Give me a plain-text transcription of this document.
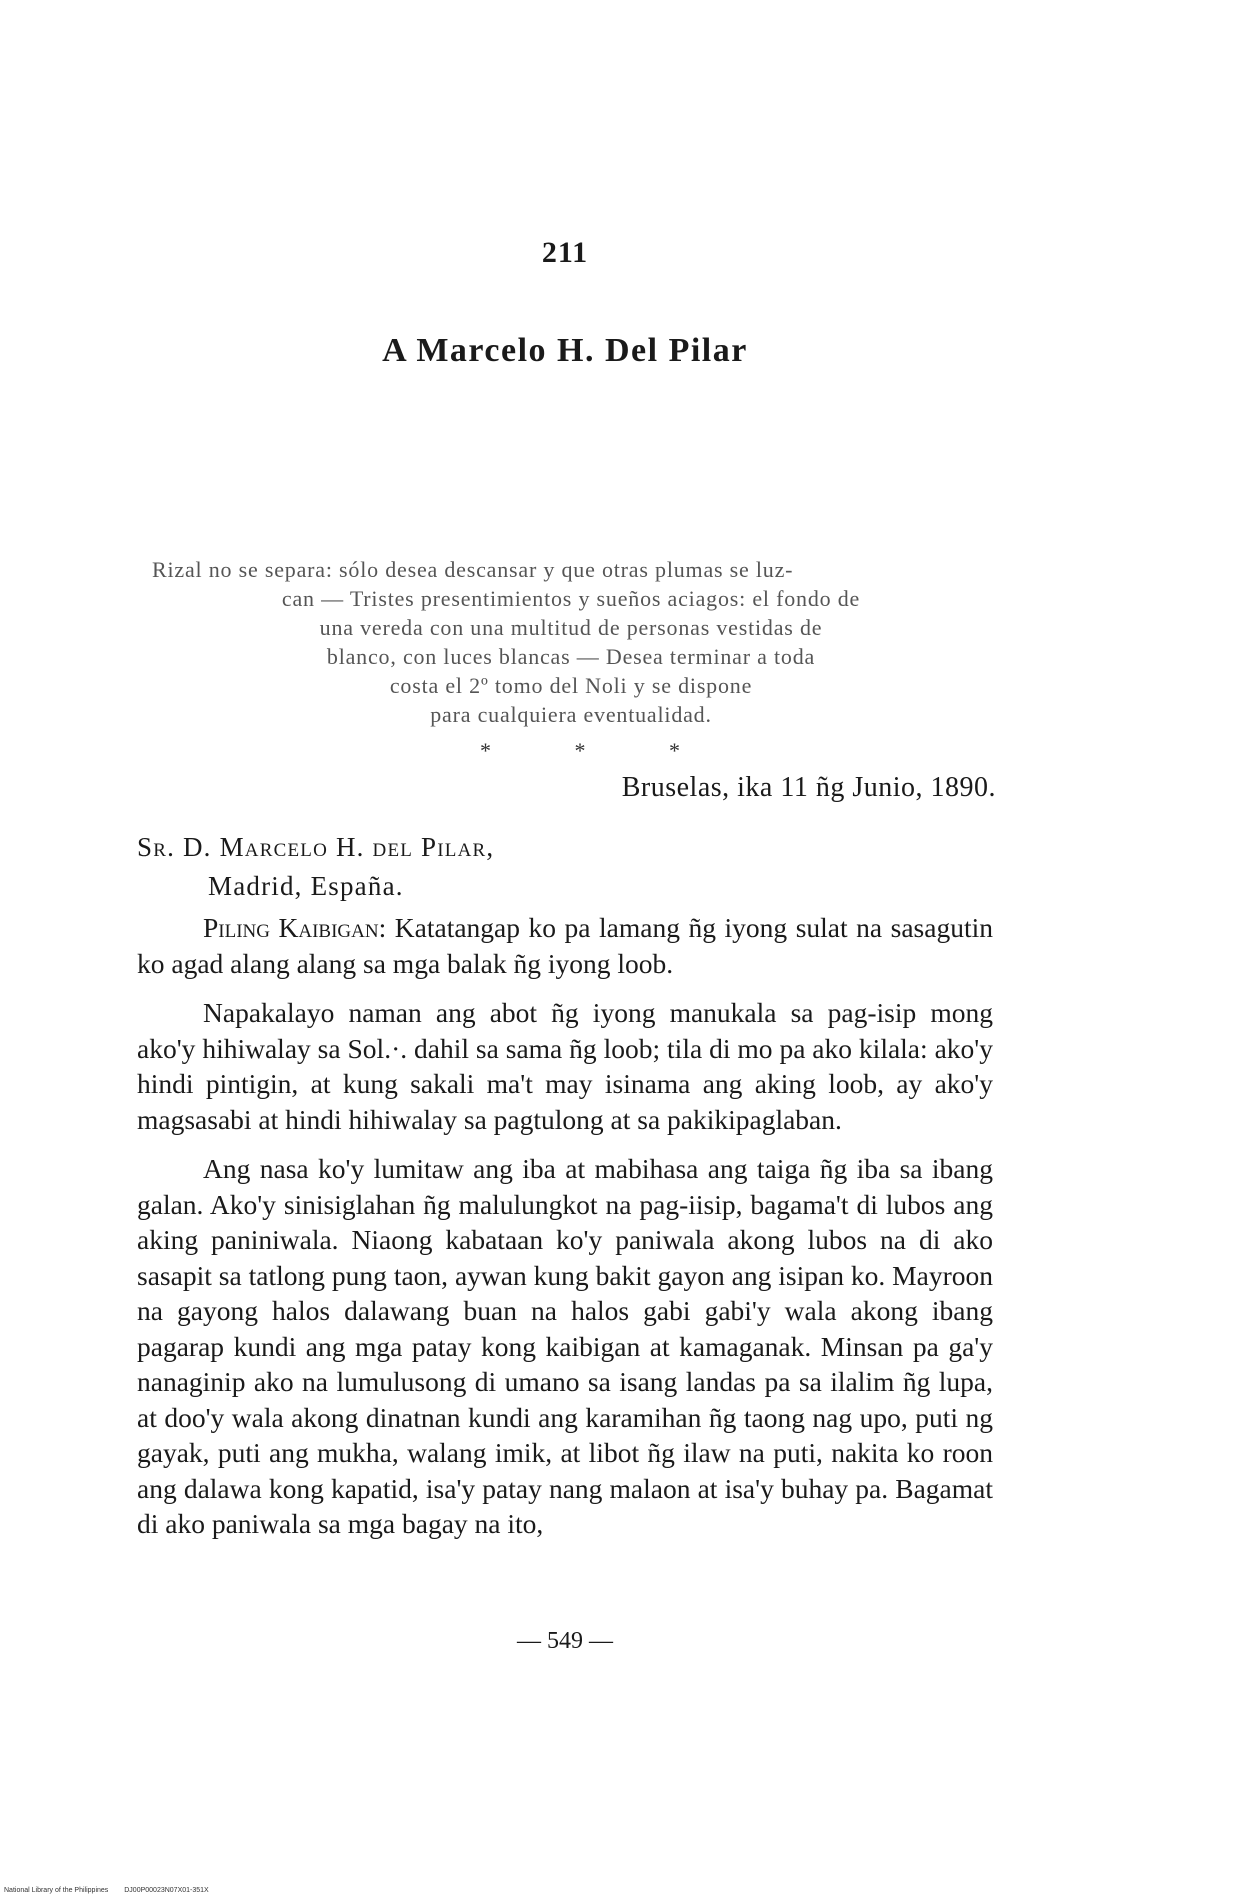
211
A Marcelo H. Del Pilar
Rizal no se separa: sólo desea descansar y que otras plumas se luz-
can — Tristes presentimientos y sueños aciagos: el fondo de
una vereda con una multitud de personas vestidas de
blanco, con luces blancas — Desea terminar a toda
costa el 2º tomo del Noli y se dispone
para cualquiera eventualidad.
*	*	*
Bruselas, ika 11 ñg Junio, 1890.
Sr. D. Marcelo H. del Pilar,
Madrid, España.

Piling Kaibigan: Katatangap ko pa lamang ñg iyong sulat na sasagutin ko agad alang alang sa mga balak ñg iyong loob.

Napakalayo naman ang abot ñg iyong manukala sa pag-isip mong ako'y hihiwalay sa Sol.·. dahil sa sama ñg loob; tila di mo pa ako kilala: ako'y hindi pintigin, at kung sakali ma't may isinama ang aking loob, ay ako'y magsasabi at hindi hihiwalay sa pagtulong at sa pakikipaglaban.

Ang nasa ko'y lumitaw ang iba at mabihasa ang taiga ñg iba sa ibang galan. Ako'y sinisiglahan ñg malulungkot na pag-iisip, bagama't di lubos ang aking paniniwala. Niaong kabataan ko'y paniwala akong lubos na di ako sasapit sa tatlong pung taon, aywan kung bakit gayon ang isipan ko. Mayroon na gayong halos dalawang buan na halos gabi gabi'y wala akong ibang pagarap kundi ang mga patay kong kaibigan at kamaganak. Minsan pa ga'y nanaginip ako na lumulusong di umano sa isang landas pa sa ilalim ñg lupa, at doo'y wala akong dinatnan kundi ang karamihan ñg taong nag upo, puti ng gayak, puti ang mukha, walang imik, at libot ñg ilaw na puti, nakita ko roon ang dalawa kong kapatid, isa'y patay nang malaon at isa'y buhay pa. Bagamat di ako paniwala sa mga bagay na ito,

— 549 —
National Library of the Philippines DJ00P00023N07X01-351X
